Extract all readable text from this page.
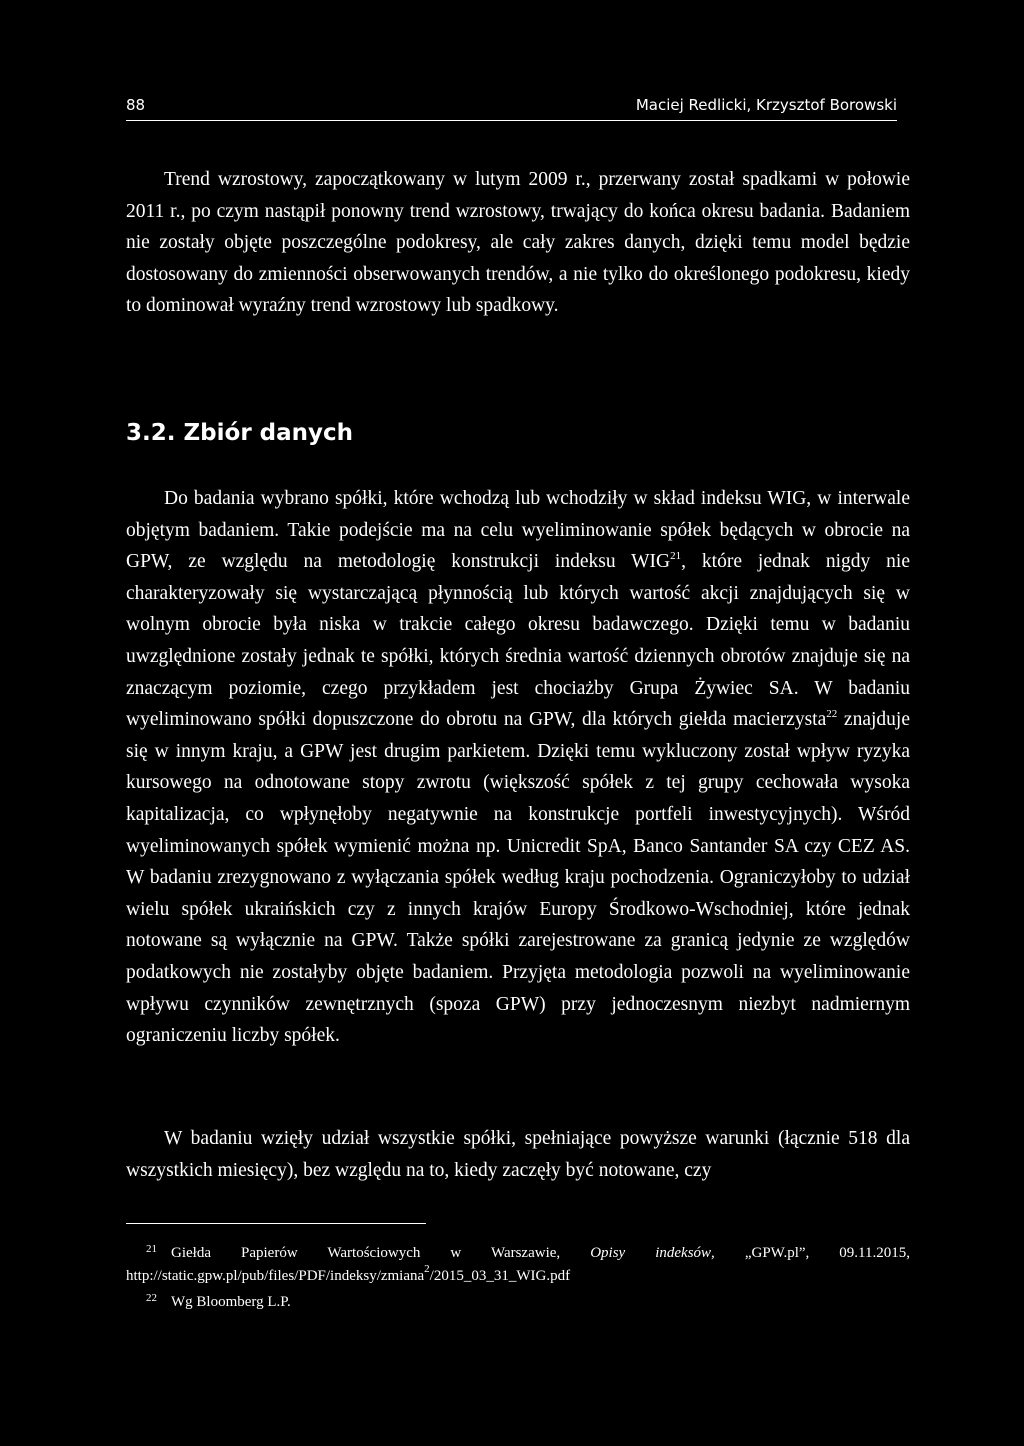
88	Maciej Redlicki, Krzysztof Borowski

Trend wzrostowy, zapoczątkowany w lutym 2009 r., przerwany został spadkami w połowie 2011 r., po czym nastąpił ponowny trend wzrostowy, trwający do końca okresu badania. Badaniem nie zostały objęte poszczególne podokresy, ale cały zakres danych, dzięki temu model będzie dostosowany do zmienności obserwowanych trendów, a nie tylko do określonego podokresu, kiedy to dominował wyraźny trend wzrostowy lub spadkowy.

3.2. Zbiór danych

Do badania wybrano spółki, które wchodzą lub wchodziły w skład indeksu WIG, w interwale objętym badaniem. Takie podejście ma na celu wyeliminowanie spółek będących w obrocie na GPW, ze względu na metodologię konstrukcji indeksu WIG$^{21}$, które jednak nigdy nie charakteryzowały się wystarczającą płynnością lub których wartość akcji znajdujących się w wolnym obrocie była niska w trakcie całego okresu badawczego. Dzięki temu w badaniu uwzględnione zostały jednak te spółki, których średnia wartość dziennych obrotów znajduje się na znaczącym poziomie, czego przykładem jest chociażby Grupa Żywiec SA. W badaniu wyeliminowano spółki dopuszczone do obrotu na GPW, dla których giełda macierzysta$^{22}$ znajduje się w innym kraju, a GPW jest drugim parkietem. Dzięki temu wykluczony został wpływ ryzyka kursowego na odnotowane stopy zwrotu (większość spółek z tej grupy cechowała wysoka kapitalizacja, co wpłynęłoby negatywnie na konstrukcje portfeli inwestycyjnych). Wśród wyeliminowanych spółek wymienić można np. Unicredit SpA, Banco Santander SA czy CEZ AS. W badaniu zrezygnowano z wyłączania spółek według kraju pochodzenia. Ograniczyłoby to udział wielu spółek ukraińskich czy z innych krajów Europy Środkowo-Wschodniej, które jednak notowane są wyłącznie na GPW. Także spółki zarejestrowane za granicą jedynie ze względów podatkowych nie zostałyby objęte badaniem. Przyjęta metodologia pozwoli na wyeliminowanie wpływu czynników zewnętrznych (spoza GPW) przy jednoczesnym niezbyt nadmiernym ograniczeniu liczby spółek.

W badaniu wzięły udział wszystkie spółki, spełniające powyższe warunki (łącznie 518 dla wszystkich miesięcy), bez względu na to, kiedy zaczęły być notowane, czy

$^{21}$ Giełda Papierów Wartościowych w Warszawie, Opisy indeksów, „GPW.pl”, 09.11.2015, http://static.gpw.pl/pub/files/PDF/indeksy/zmiana$^2$/2015_03_31_WIG.pdf

$^{22}$ Wg Bloomberg L.P.
